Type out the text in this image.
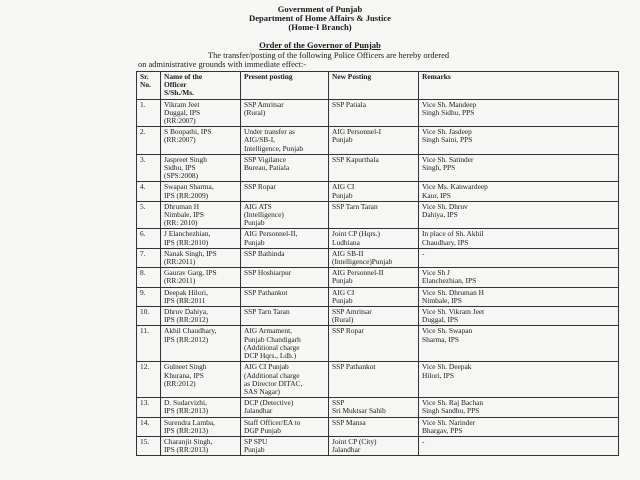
Government of Punjab
Department of Home Affairs & Justice
(Home-I Branch)
Order of the Governor of Punjab
The transfer/posting of the following Police Officers are hereby ordered
on administrative grounds with immediate effect:-
Sr.
No.	Name of the
Officer
S/Sh./Ms.	Present posting	New Posting	Remarks
1.	Vikram Jeet
Duggal, IPS
(RR:2007)	SSP Amritsar
(Rural)	SSP Patiala	Vice Sh. Mandeep
Singh Sidhu, PPS
2.	S Boopathi, IPS
(RR:2007)	Under transfer as
AIG/SB-I,
Intelligence, Punjab	AIG Personnel-I
Punjab	Vice Sh. Jasdeep
Singh Saini, PPS
3.	Jaspreet Singh
Sidhu, IPS
(SPS:2008)	SSP Vigilance
Bureau, Patiala	SSP Kapurthala	Vice Sh. Satinder
Singh, PPS
4.	Swapan Sharma,
IPS (RR:2009)	SSP Ropar	AIG CI
Punjab	Vice Ms. Kanwardeep
Kaur, IPS
5.	Dhruman H
Nimbale, IPS
(RR: 2010)	AIG ATS
(Intelligence)
Punjab	SSP Tarn Taran	Vice Sh. Dhruv
Dahiya, IPS
6.	J Elanchezhian,
IPS (RR:2010)	AIG Personnel-II,
Punjab	Joint CP (Hqrs.)
Ludhiana	In place of Sh. Akhil
Chaudhary, IPS
7.	Nanak Singh, IPS
(RR:2011)	SSP Bathinda	AIG SB-II
(Intelligence)Punjab	-
8.	Gaurav Garg, IPS
(RR:2011)	SSP Hoshiarpur	AIG Personnel-II
Punjab	Vice Sh J
Elanchezhian, IPS
9.	Deepak Hilori,
IPS (RR:2011	SSP Pathankot	AIG CI
Punjab	Vice Sh. Dhruman H
Nimbale, IPS
10.	Dhruv Dahiya,
IPS (RR:2012)	SSP Tarn Taran	SSP Amritsar
(Rural)	Vice Sh. Vikram Jeet
Duggal, IPS
11.	Akhil Chaudhary,
IPS (RR:2012)	AIG Armament,
Punjab Chandigarh
(Additional charge
DCP Hqrs., Ldh.)	SSP Ropar	Vice Sh. Swapan
Sharma, IPS
12.	Gulneet Singh
Khurana, IPS
(RR:2012)	AIG CI Punjab
(Additional charge
as Director DITAC,
SAS Nagar)	SSP Pathankot	Vice Sh. Deepak
Hilori, IPS
13.	D. Sudarvizhi,
IPS (RR:2013)	DCP (Detective)
Jalandhar	SSP
Sri Muktsar Sahib	Vice Sh. Raj Bachan
Singh Sandhu, PPS
14.	Surendra Lamba,
IPS (RR:2013)	Staff Officer/EA to
DGP Punjab	SSP Mansa	Vice Sh. Narinder
Bhargav, PPS
15.	Charanjit Singh,
IPS (RR:2013)	SP SPU
Punjab	Joint CP (City)
Jalandhar	-
